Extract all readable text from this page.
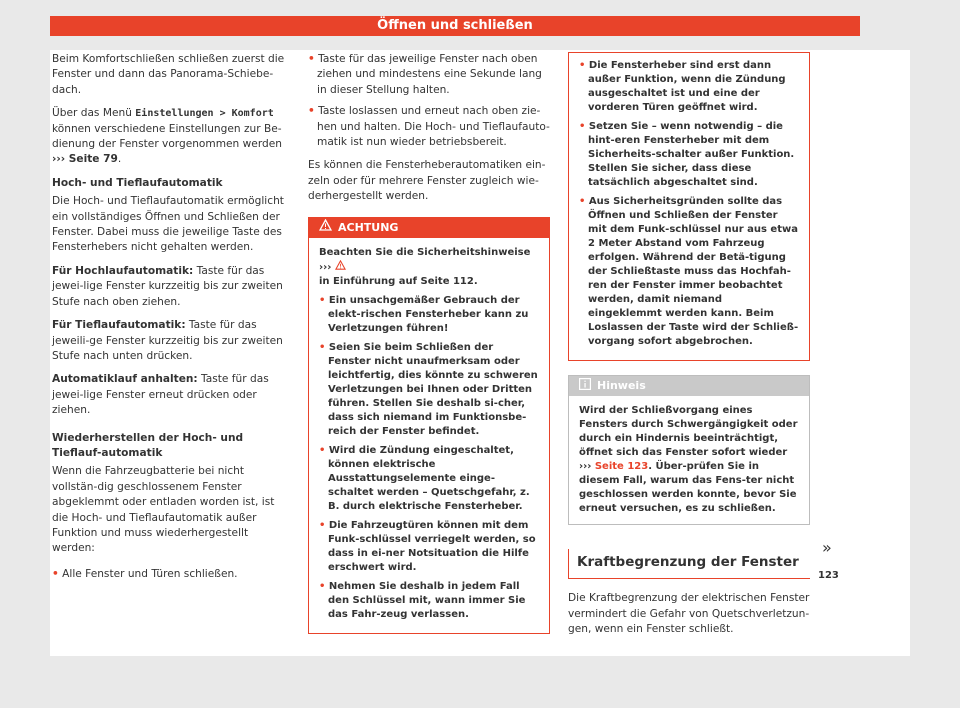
Öffnen und schließen

Beim Komfortschließen schließen zuerst die Fenster und dann das Panorama-Schiebe-dach.

Über das Menü Einstellungen > Komfort können verschiedene Einstellungen zur Be-dienung der Fenster vorgenommen werden ››› Seite 79.

Hoch- und Tieflaufautomatik

Die Hoch- und Tieflaufautomatik ermöglicht ein vollständiges Öffnen und Schließen der Fenster. Dabei muss die jeweilige Taste des Fensterhebers nicht gehalten werden.

Für Hochlaufautomatik: Taste für das jewei-lige Fenster kurzzeitig bis zur zweiten Stufe nach oben ziehen.

Für Tieflaufautomatik: Taste für das jeweili-ge Fenster kurzzeitig bis zur zweiten Stufe nach unten drücken.

Automatiklauf anhalten: Taste für das jewei-lige Fenster erneut drücken oder ziehen.

Wiederherstellen der Hoch- und Tieflauf-automatik

Wenn die Fahrzeugbatterie bei nicht vollstän-dig geschlossenem Fenster abgeklemmt oder entladen worden ist, ist die Hoch- und Tieflaufautomatik außer Funktion und muss wiederhergestellt werden:

• Alle Fenster und Türen schließen.

• Taste für das jeweilige Fenster nach oben ziehen und mindestens eine Sekunde lang in dieser Stellung halten.

• Taste loslassen und erneut nach oben zie-hen und halten. Die Hoch- und Tieflaufauto-matik ist nun wieder betriebsbereit.

Es können die Fensterheberautomatiken ein-zeln oder für mehrere Fenster zugleich wie-derhergestellt werden.

ACHTUNG

Beachten Sie die Sicherheitshinweise ›››
in Einführung auf Seite 112.

• Ein unsachgemäßer Gebrauch der elekt-rischen Fensterheber kann zu Verletzungen führen!

• Seien Sie beim Schließen der Fenster nicht unaufmerksam oder leichtfertig, dies könnte zu schweren Verletzungen bei Ihnen oder Dritten führen. Stellen Sie deshalb si-cher, dass sich niemand im Funktionsbe-reich der Fenster befindet.

• Wird die Zündung eingeschaltet, können elektrische Ausstattungselemente einge-schaltet werden – Quetschgefahr, z. B. durch elektrische Fensterheber.

• Die Fahrzeugtüren können mit dem Funk-schlüssel verriegelt werden, so dass in ei-ner Notsituation die Hilfe erschwert wird.

• Nehmen Sie deshalb in jedem Fall den Schlüssel mit, wann immer Sie das Fahr-zeug verlassen.

• Die Fensterheber sind erst dann außer Funktion, wenn die Zündung ausgeschaltet ist und eine der vorderen Türen geöffnet wird.

• Setzen Sie – wenn notwendig – die hint-eren Fensterheber mit dem Sicherheits-schalter außer Funktion. Stellen Sie sicher, dass diese tatsächlich abgeschaltet sind.

• Aus Sicherheitsgründen sollte das Öffnen und Schließen der Fenster mit dem Funk-schlüssel nur aus etwa 2 Meter Abstand vom Fahrzeug erfolgen. Während der Betä-tigung der Schließtaste muss das Hochfah-ren der Fenster immer beobachtet werden, damit niemand eingeklemmt werden kann. Beim Loslassen der Taste wird der Schließ-vorgang sofort abgebrochen.

Hinweis
Wird der Schließvorgang eines Fensters durch Schwergängigkeit oder durch ein Hindernis beeinträchtigt, öffnet sich das Fenster sofort wieder ››› Seite 123. Über-prüfen Sie in diesem Fall, warum das Fens-ter nicht geschlossen werden konnte, bevor Sie erneut versuchen, es zu schließen.
Kraftbegrenzung der Fenster

Die Kraftbegrenzung der elektrischen Fenster vermindert die Gefahr von Quetschverletzun-gen, wenn ein Fenster schließt.

»
123
